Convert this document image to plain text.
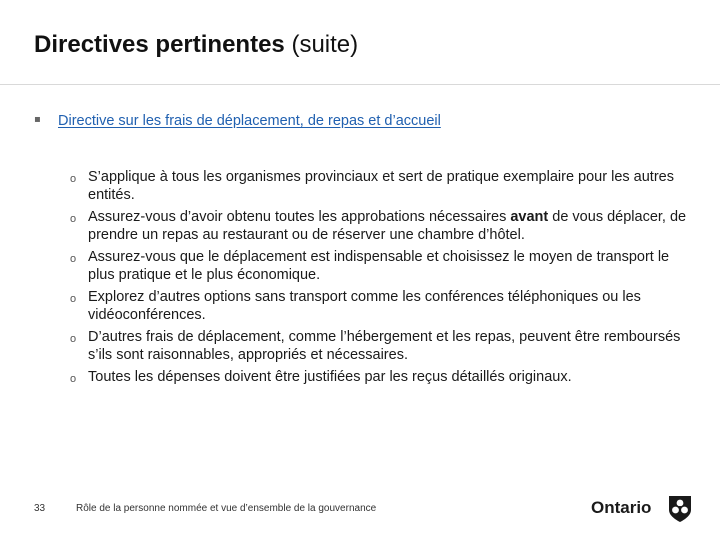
Directives pertinentes (suite)
▪ Directive sur les frais de déplacement, de repas et d’accueil
o S’applique à tous les organismes provinciaux et sert de pratique exemplaire pour les autres entités.
o Assurez-vous d’avoir obtenu toutes les approbations nécessaires avant de vous déplacer, de prendre un repas au restaurant ou de réserver une chambre d’hôtel.
o Assurez-vous que le déplacement est indispensable et choisissez le moyen de transport le plus pratique et le plus économique.
o Explorez d’autres options sans transport comme les conférences téléphoniques ou les vidéoconférences.
o D’autres frais de déplacement, comme l’hébergement et les repas, peuvent être remboursés s’ils sont raisonnables, appropriés et nécessaires.
o Toutes les dépenses doivent être justifiées par les reçus détaillés originaux.
33	Rôle de la personne nommée et vue d’ensemble de la gouvernance	Ontario
